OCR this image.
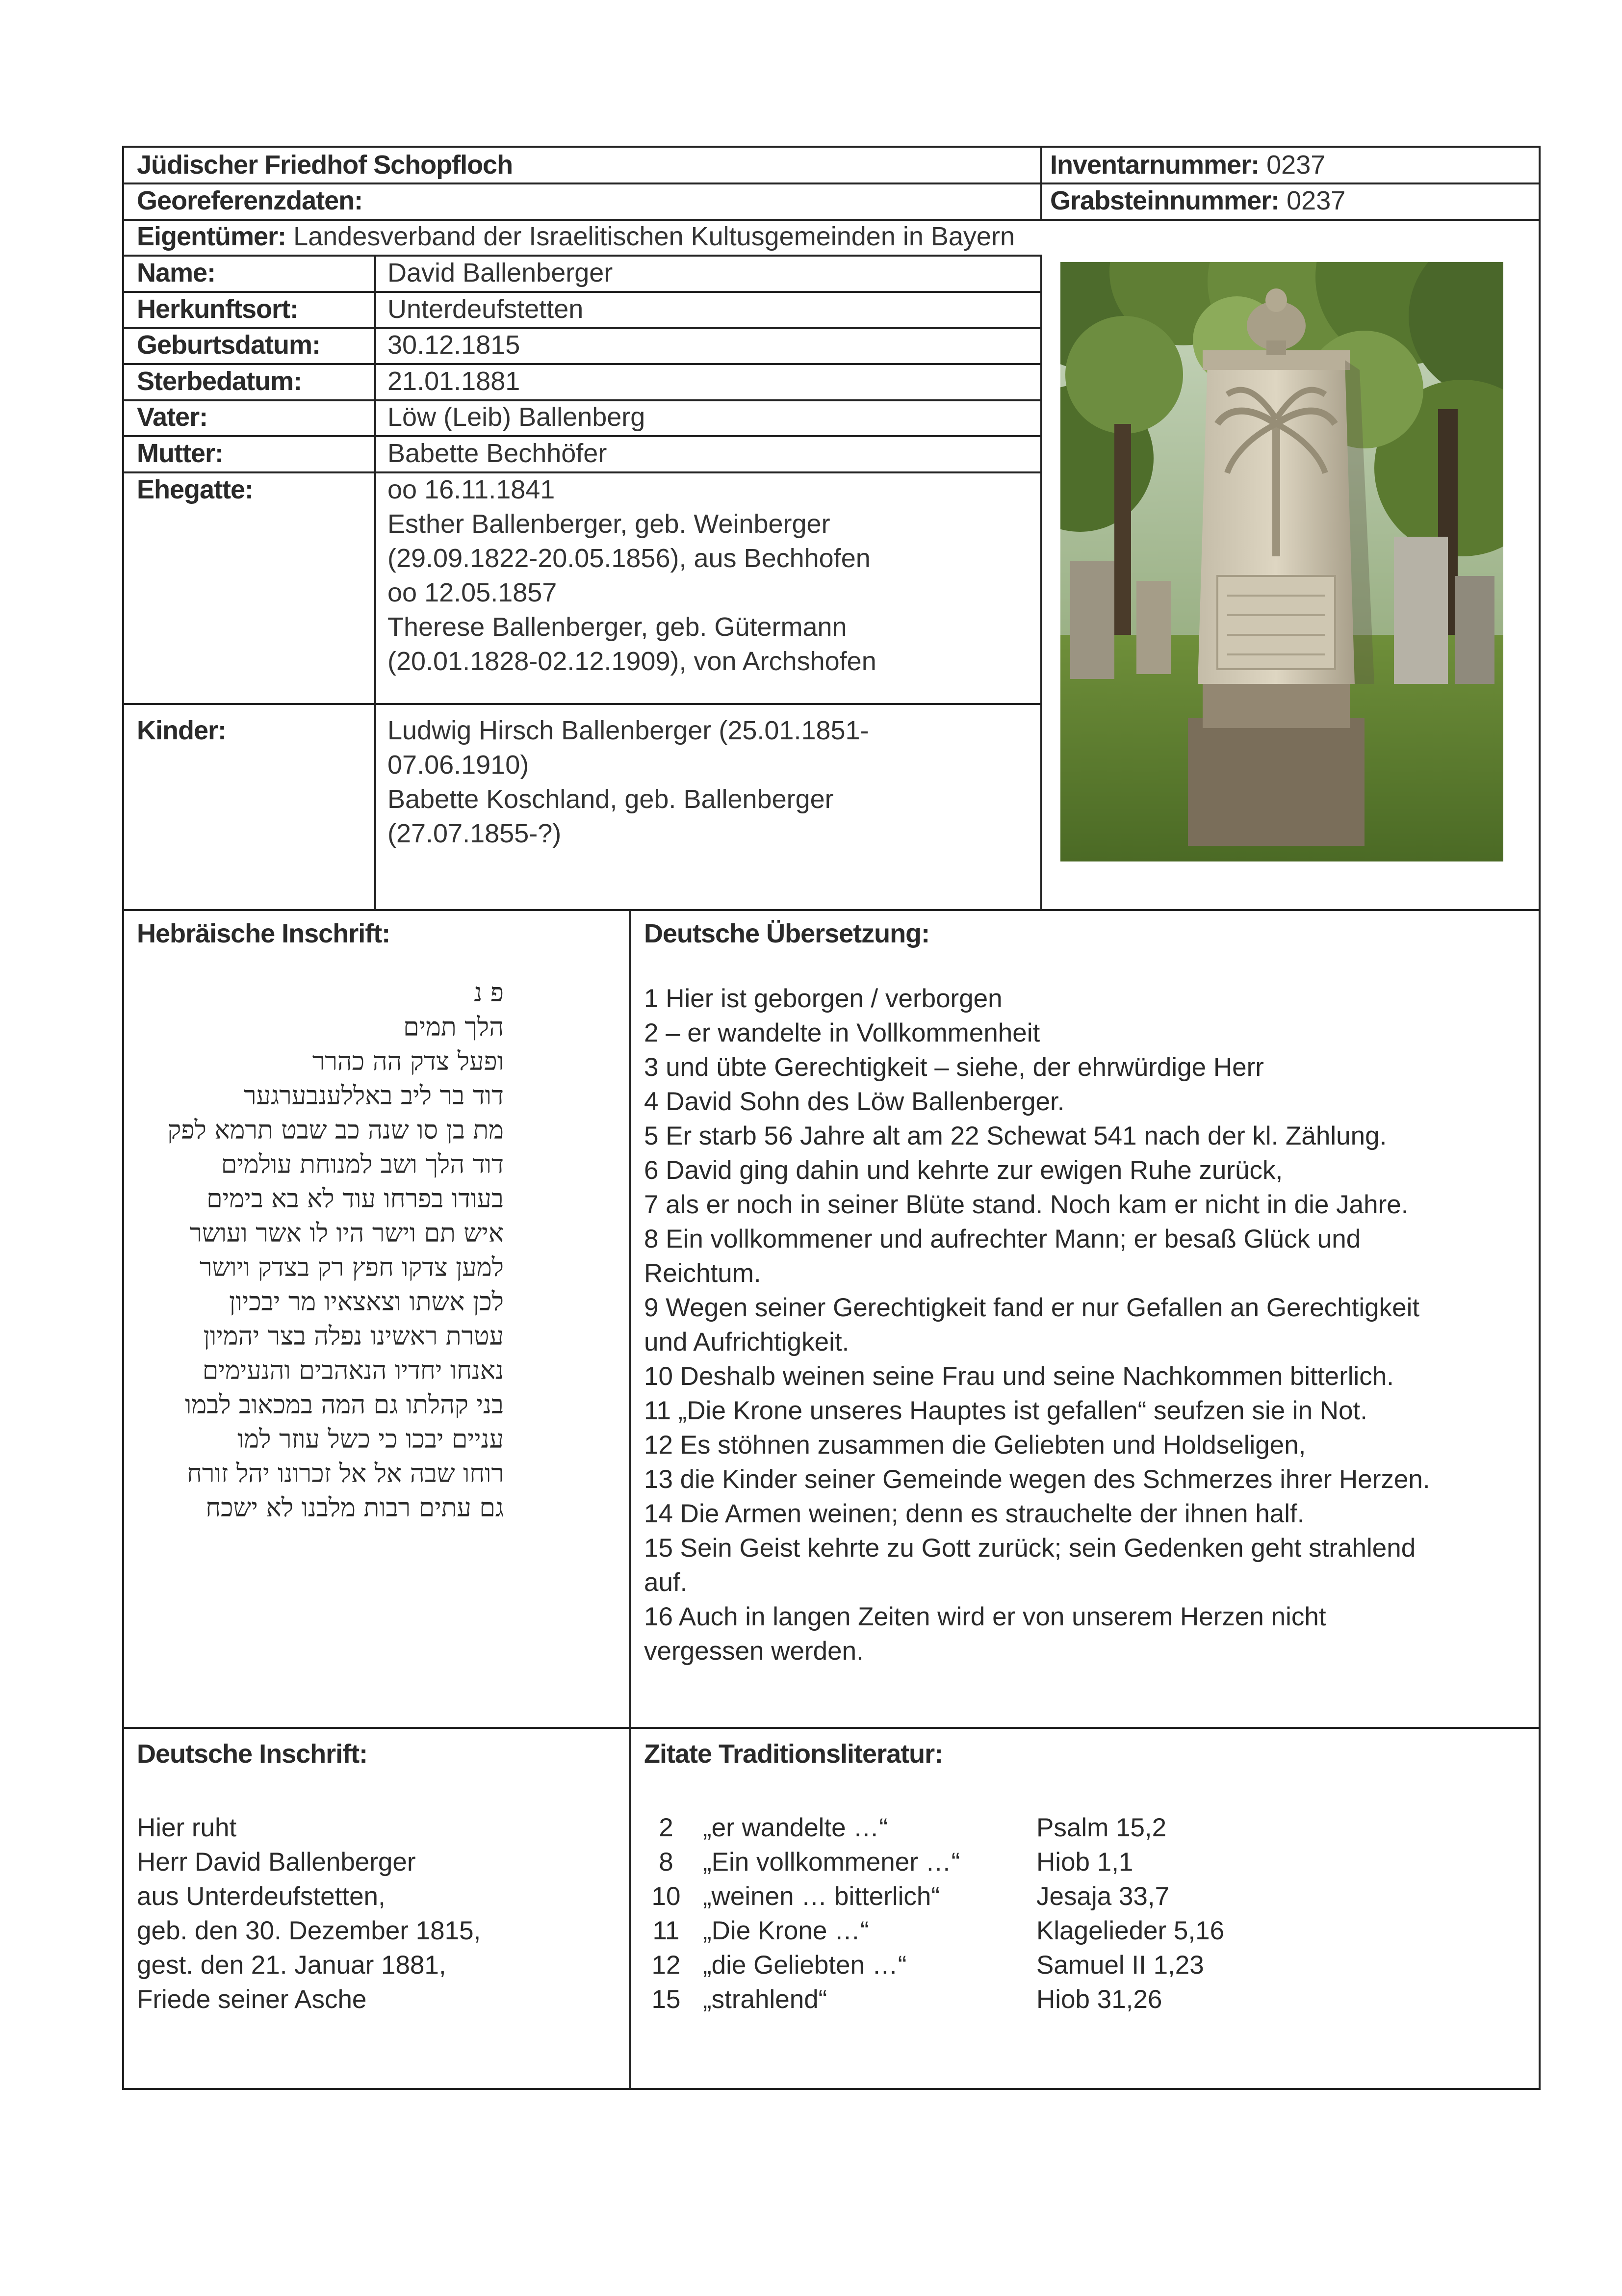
Jüdischer Friedhof Schopfloch	Inventarnummer: 0237
Georeferenzdaten:	Grabsteinnummer: 0237
Eigentümer: Landesverband der Israelitischen Kultusgemeinden in Bayern
Name:	David Ballenberger
Herkunftsort:	Unterdeufstetten
Geburtsdatum:	30.12.1815
Sterbedatum:	21.01.1881
Vater:	Löw (Leib) Ballenberg
Mutter:	Babette Bechhöfer
Ehegatte:	oo 16.11.1841
Esther Ballenberger, geb. Weinberger
(29.09.1822-20.05.1856), aus Bechhofen
oo 12.05.1857
Therese Ballenberger, geb. Gütermann
(20.01.1828-02.12.1909), von Archshofen
Kinder:	Ludwig Hirsch Ballenberger (25.01.1851-
07.06.1910)
Babette Koschland, geb. Ballenberger
(27.07.1855-?)
Hebräische Inschrift:
פ נ
הלך תמים
ופעל צדק הה כהרר
דוד בר ליב באללענבערגער
מת בן סו שנה כב שבט תרמא לפק
דוד הלך ושב למנוחת עולמים
בעודו בפרחו עוד לא בא בימים
איש תם וישר היו לו אשר ועושר
למען צדקו חפץ רק בצדק ויושר
לכן אשתו וצאצאיו מר יבכיון
עטרת ראשינו נפלה בצר יהמיון
נאנחו יחדיו הנאהבים והנעימים
בני קהלתו גם המה במכאוב לבמו
עניים יבכו כי כשל עוזר למו
רוחו שבה אל אל זכרונו יהל זורח
גם עתים רבות מלבנו לא ישכח
Deutsche Übersetzung:
1 Hier ist geborgen / verborgen
2 – er wandelte in Vollkommenheit
3 und übte Gerechtigkeit – siehe, der ehrwürdige Herr
4 David Sohn des Löw Ballenberger.
5 Er starb 56 Jahre alt am 22 Schewat 541 nach der kl. Zählung.
6 David ging dahin und kehrte zur ewigen Ruhe zurück,
7 als er noch in seiner Blüte stand. Noch kam er nicht in die Jahre.
8 Ein vollkommener und aufrechter Mann; er besaß Glück und
Reichtum.
9 Wegen seiner Gerechtigkeit fand er nur Gefallen an Gerechtigkeit
und Aufrichtigkeit.
10 Deshalb weinen seine Frau und seine Nachkommen bitterlich.
11 „Die Krone unseres Hauptes ist gefallen“ seufzen sie in Not.
12 Es stöhnen zusammen die Geliebten und Holdseligen,
13 die Kinder seiner Gemeinde wegen des Schmerzes ihrer Herzen.
14 Die Armen weinen; denn es strauchelte der ihnen half.
15 Sein Geist kehrte zu Gott zurück; sein Gedenken geht strahlend
auf.
16 Auch in langen Zeiten wird er von unserem Herzen nicht
vergessen werden.
Deutsche Inschrift:
Hier ruht
Herr David Ballenberger
aus Unterdeufstetten,
geb. den 30. Dezember 1815,
gest. den 21. Januar 1881,
Friede seiner Asche
Zitate Traditionsliteratur:
2	„er wandelte …“	Psalm 15,2
8	„Ein vollkommener …“	Hiob 1,1
10 „weinen … bitterlich“	Jesaja 33,7
11 „Die Krone …“	Klagelieder 5,16
12 „die Geliebten …“	Samuel II 1,23
15 „strahlend“	Hiob 31,26
